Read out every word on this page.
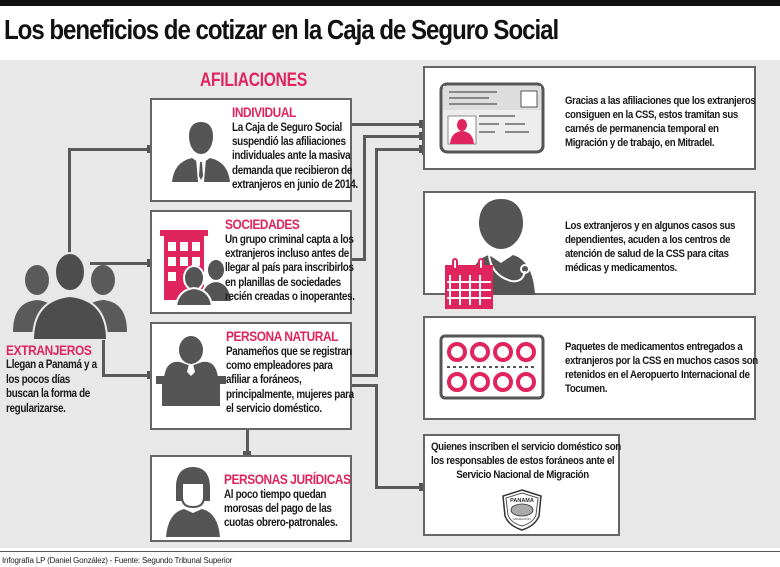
Los beneficios de cotizar en la Caja de Seguro Social
AFILIACIONES
EXTRANJEROS
Llegan a Panamá y a
los pocos días
buscan la forma de
regularizarse.
INDIVIDUAL
La Caja de Seguro Social
suspendió las afiliaciones
individuales ante la masiva
demanda que recibieron de
extranjeros en junio de 2014.
SOCIEDADES
Un grupo criminal capta a los
extranjeros incluso antes de
llegar al país para inscribirlos
en planillas de sociedades
recién creadas o inoperantes.
PERSONA NATURAL
Panameños que se registran
como empleadores para
afiliar a foráneos,
principalmente, mujeres para
el servicio doméstico.
PERSONAS JURÍDICAS
Al poco tiempo quedan
morosas del pago de las
cuotas obrero-patronales.
Gracias a las afiliaciones que los extranjeros
consiguen en la CSS, estos tramitan sus
carnés de permanencia temporal en
Migración y de trabajo, en Mitradel.
Los extranjeros y en algunos casos sus
dependientes, acuden a los centros de
atención de salud de la CSS para citas
médicas y medicamentos.
Paquetes de medicamentos entregados a
extranjeros por la CSS en muchos casos son
retenidos en el Aeropuerto Internacional de
Tocumen.
Quienes inscriben el servicio doméstico son
los responsables de estos foráneos ante el
Servicio Nacional de Migración
PANAMA
MIGRACIÓN
Infografía LP (Daniel González) - Fuente: Segundo Tribunal Superior
